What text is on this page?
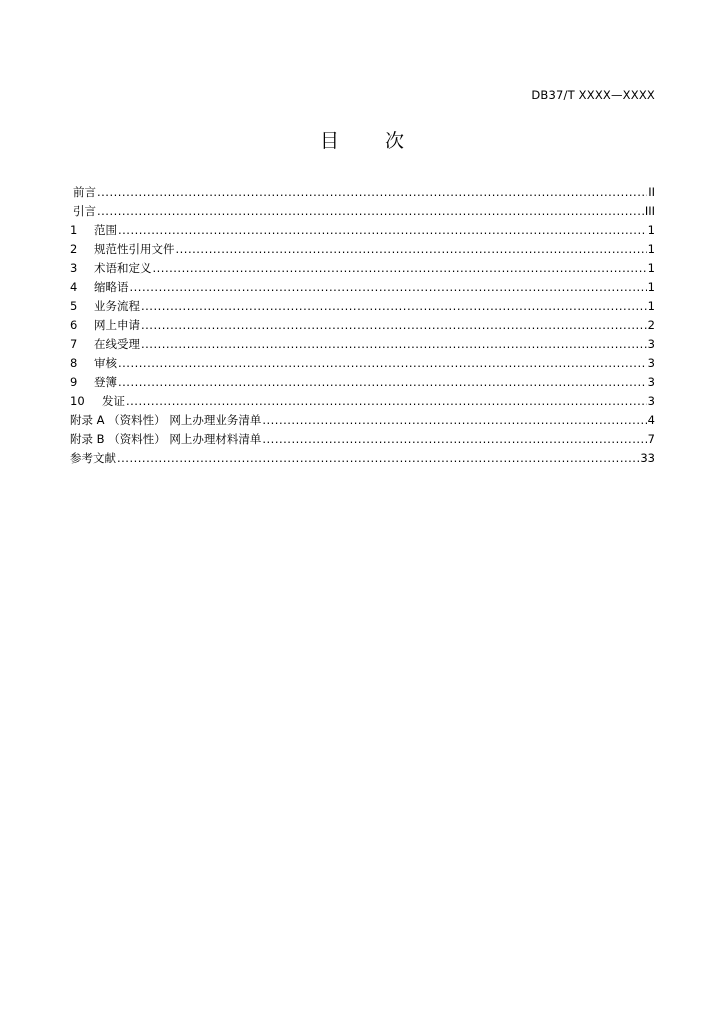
DB37/T XXXX—XXXX
目 次
前言 .....	II
引言 .....	III
1	范围 .....	1
2	规范性引用文件 .....	1
3	术语和定义 .....	1
4	缩略语 .....	1
5	业务流程 .....	1
6	网上申请 .....	2
7	在线受理 .....	3
8	审核 .....	3
9	登簿 .....	3
10	发证 .....	3
附录 A （资料性） 网上办理业务清单 .....	4
附录 B （资料性） 网上办理材料清单 .....	7
参考文献 .....	33
